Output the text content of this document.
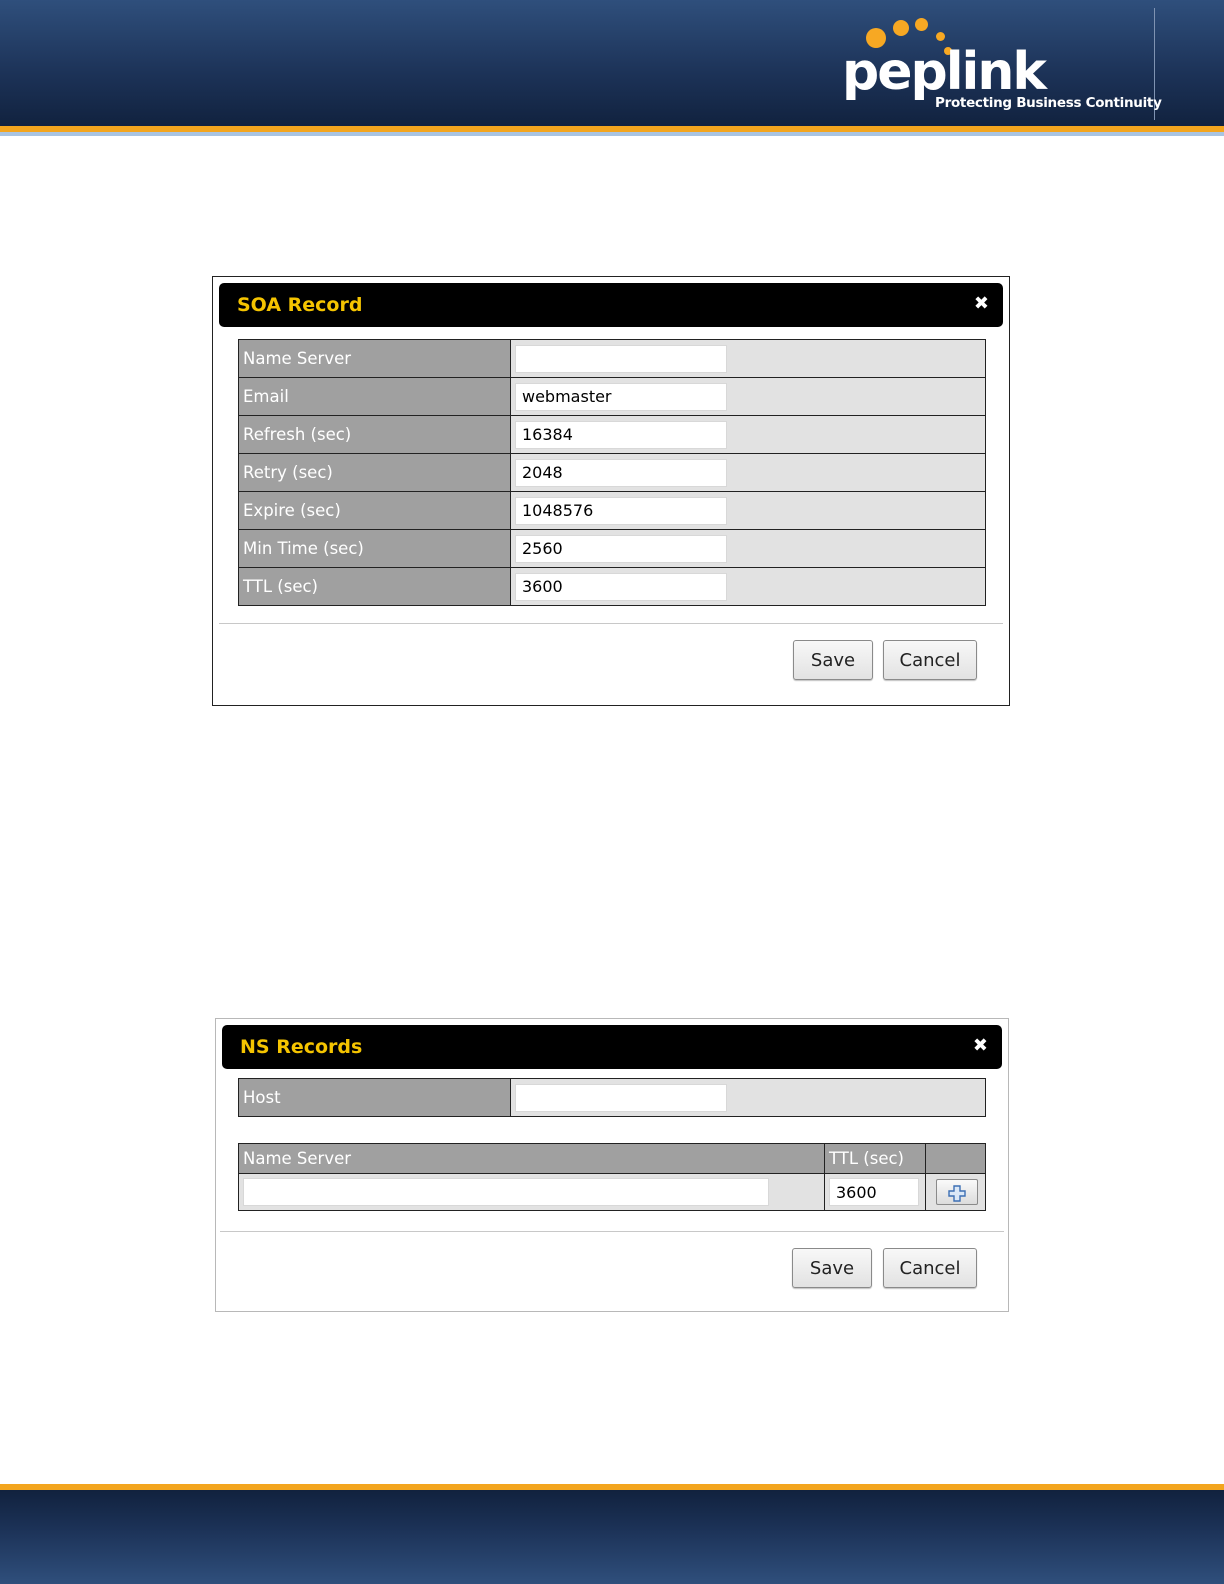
peplink
Protecting Business Continuity
SOA Record	✖
Name Server	
Email	webmaster
Refresh (sec)	16384
Retry (sec)	2048
Expire (sec)	1048576
Min Time (sec)	2560
TTL (sec)	3600
Save	Cancel
NS Records	✖
Host	
Name Server	TTL (sec)	
	3600	
Save	Cancel
